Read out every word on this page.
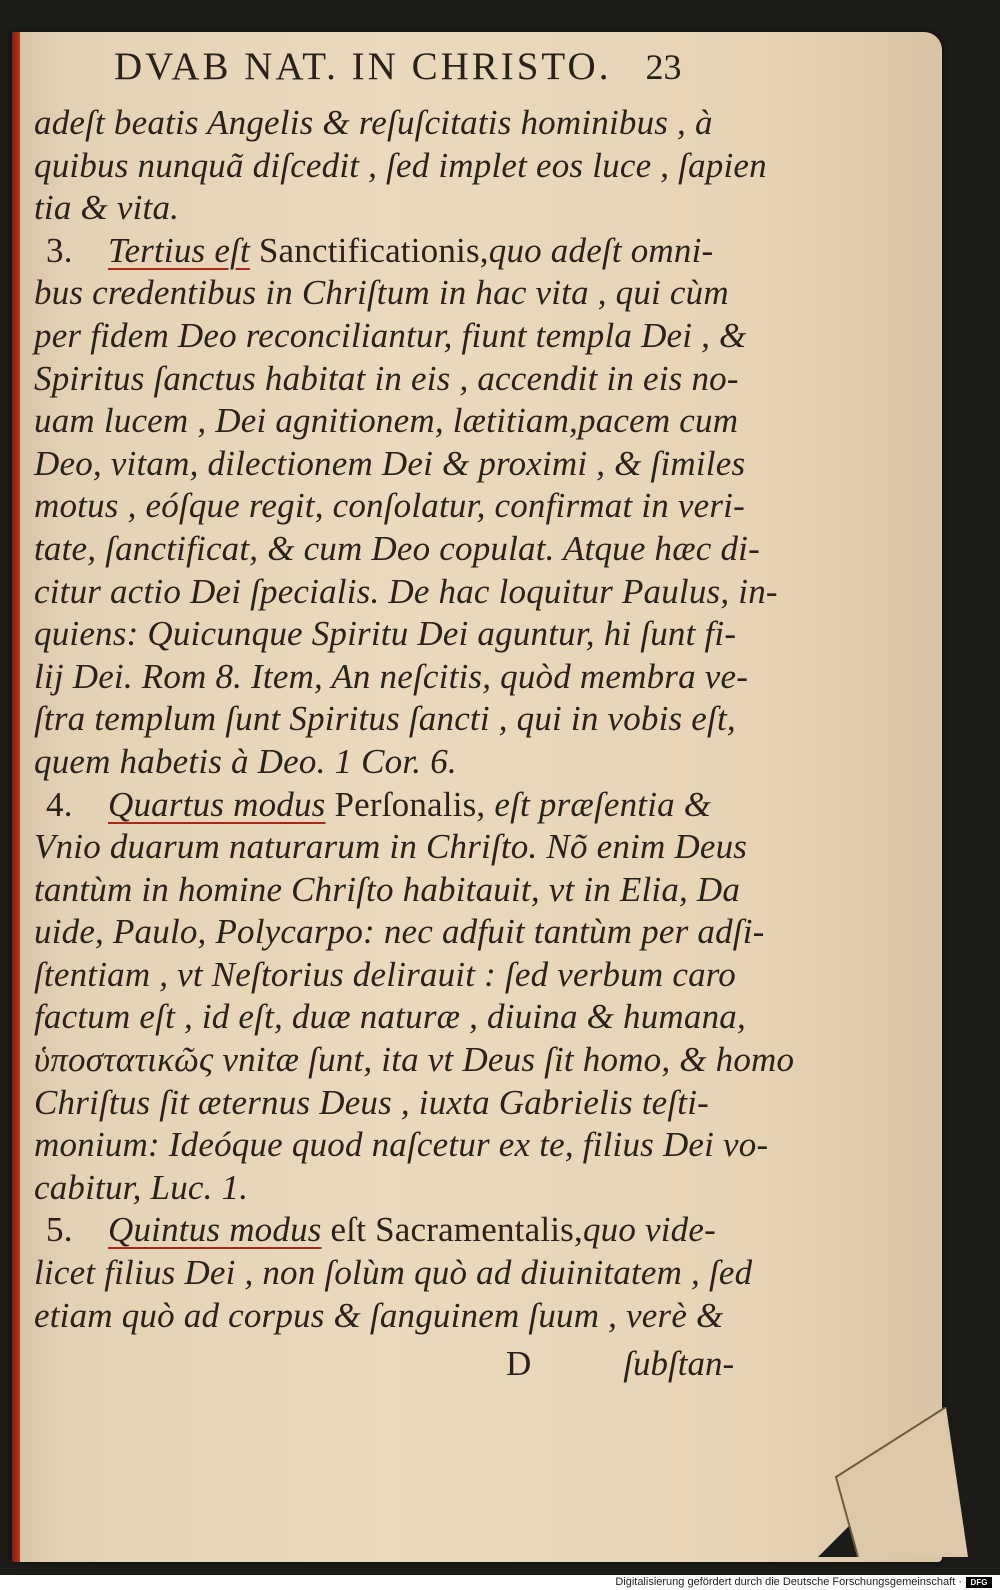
DVAB NAT. IN CHRISTO. 23
adeſt beatis Angelis & reſuſcitatis hominibus , à
quibus nunquã diſcedit , ſed implet eos luce , ſapien
tia & vita.
3. Tertius eſt Sanctificationis,quo adeſt omni-
bus credentibus in Chriſtum in hac vita , qui cùm
per fidem Deo reconciliantur, fiunt templa Dei , &
Spiritus ſanctus habitat in eis , accendit in eis no-
uam lucem , Dei agnitionem, lætitiam,pacem cum
Deo, vitam, dilectionem Dei & proximi , & ſimiles
motus , eóſque regit, conſolatur, confirmat in veri-
tate, ſanctificat, & cum Deo copulat. Atque hæc di-
citur actio Dei ſpecialis. De hac loquitur Paulus, in-
quiens: Quicunque Spiritu Dei aguntur, hi ſunt fi-
lij Dei. Rom 8. Item, An neſcitis, quòd membra ve-
ſtra templum ſunt Spiritus ſancti , qui in vobis eſt,
quem habetis à Deo. 1 Cor. 6.
4. Quartus modus Perſonalis, eſt præſentia &
Vnio duarum naturarum in Chriſto. Nõ enim Deus
tantùm in homine Chriſto habitauit, vt in Elia, Da
uide, Paulo, Polycarpo: nec adfuit tantùm per adſi-
ſtentiam , vt Neſtorius delirauit : ſed verbum caro
factum eſt , id eſt, duæ naturæ , diuina & humana,
ὑποστατικῶς vnitæ ſunt, ita vt Deus ſit homo, & homo
Chriſtus ſit æternus Deus , iuxta Gabrielis teſti-
monium: Ideóque quod naſcetur ex te, filius Dei vo-
cabitur, Luc. 1.
5. Quintus modus eſt Sacramentalis,quo vide-
licet filius Dei , non ſolùm quò ad diuinitatem , ſed
etiam quò ad corpus & ſanguinem ſuum , verè &
D	ſubſtan-
Digitalisierung gefördert durch die Deutsche Forschungsgemeinschaft ·	DFG
